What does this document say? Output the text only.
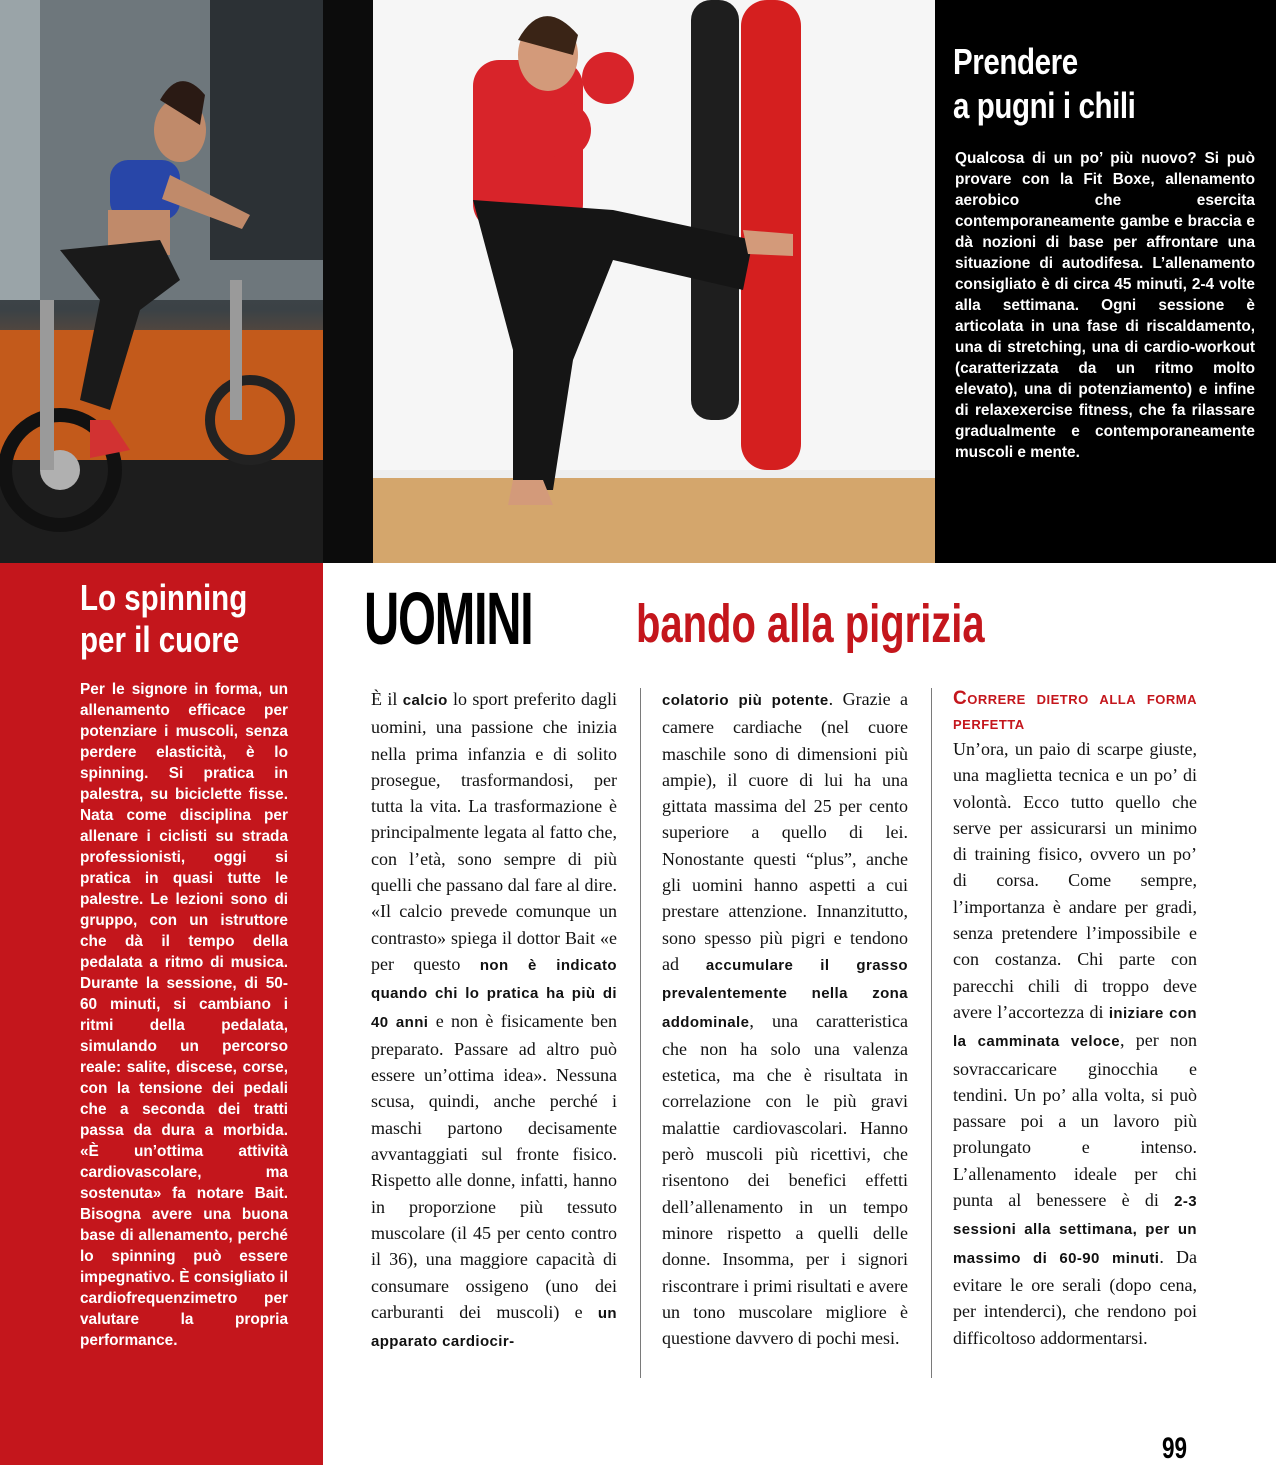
Prendere
a pugni i chili

Qualcosa di un po’ più nuovo? Si può provare con la Fit Boxe, allenamento aerobico che esercita contemporaneamente gambe e braccia e dà nozioni di base per affrontare una situazione di autodifesa. L’allenamento consigliato è di circa 45 minuti, 2-4 volte alla settimana. Ogni sessione è articolata in una fase di riscaldamento, una di stretching, una di cardio-workout (caratterizzata da un ritmo molto elevato), una di potenziamento) e infine di relaxexercise fitness, che fa rilassare gradualmente e contemporaneamente muscoli e mente.

Lo spinning
per il cuore

Per le signore in forma, un allenamento efficace per potenziare i muscoli, senza perdere elasticità, è lo spinning. Si pratica in palestra, su biciclette fisse. Nata come disciplina per allenare i ciclisti su strada professionisti, oggi si pratica in quasi tutte le palestre. Le lezioni sono di gruppo, con un istruttore che dà il tempo della pedalata a ritmo di musica. Durante la sessione, di 50-60 minuti, si cambiano i ritmi della pedalata, simulando un percorso reale: salite, discese, corse, con la tensione dei pedali che a seconda dei tratti passa da dura a morbida. «È un’ottima attività cardiovascolare, ma sostenuta» fa notare Bait. Bisogna avere una buona base di allenamento, perché lo spinning può essere impegnativo. È consigliato il cardiofrequenzimetro per valutare la propria performance.

UOMINI bando alla pigrizia
È il calcio lo sport preferito dagli uomini, una passione che inizia nella prima infanzia e di solito prosegue, trasformandosi, per tutta la vita. La trasformazione è principalmente legata al fatto che, con l’età, sono sempre di più quelli che passano dal fare al dire. «Il calcio prevede comunque un contrasto» spiega il dottor Bait «e per questo non è indicato quando chi lo pratica ha più di 40 anni e non è fisicamente ben preparato. Passare ad altro può essere un’ottima idea». Nessuna scusa, quindi, anche perché i maschi partono decisamente avvantaggiati sul fronte fisico. Rispetto alle donne, infatti, hanno in proporzione più tessuto muscolare (il 45 per cento contro il 36), una maggiore capacità di consumare ossigeno (uno dei carburanti dei muscoli) e un apparato cardiocir-
colatorio più potente. Grazie a camere cardiache (nel cuore maschile sono di dimensioni più ampie), il cuore di lui ha una gittata massima del 25 per cento superiore a quello di lei. Nonostante questi “plus”, anche gli uomini hanno aspetti a cui prestare attenzione. Innanzitutto, sono spesso più pigri e tendono ad accumulare il grasso prevalentemente nella zona addominale, una caratteristica che non ha solo una valenza estetica, ma che è risultata in correlazione con le più gravi malattie cardiovascolari. Hanno però muscoli più ricettivi, che risentono dei benefici effetti dell’allenamento in un tempo minore rispetto a quelli delle donne. Insomma, per i signori riscontrare i primi risultati e avere un tono muscolare migliore è questione davvero di pochi mesi.
Correre dietro alla forma perfetta
Un’ora, un paio di scarpe giuste, una maglietta tecnica e un po’ di volontà. Ecco tutto quello che serve per assicurarsi un minimo di training fisico, ovvero un po’ di corsa. Come sempre, l’importanza è andare per gradi, senza pretendere l’impossibile e con costanza. Chi parte con parecchi chili di troppo deve avere l’accortezza di iniziare con la camminata veloce, per non sovraccaricare ginocchia e tendini. Un po’ alla volta, si può passare poi a un lavoro più prolungato e intenso. L’allenamento ideale per chi punta al benessere è di 2-3 sessioni alla settimana, per un massimo di 60-90 minuti. Da evitare le ore serali (dopo cena, per intenderci), che rendono poi difficoltoso addormentarsi.
99
